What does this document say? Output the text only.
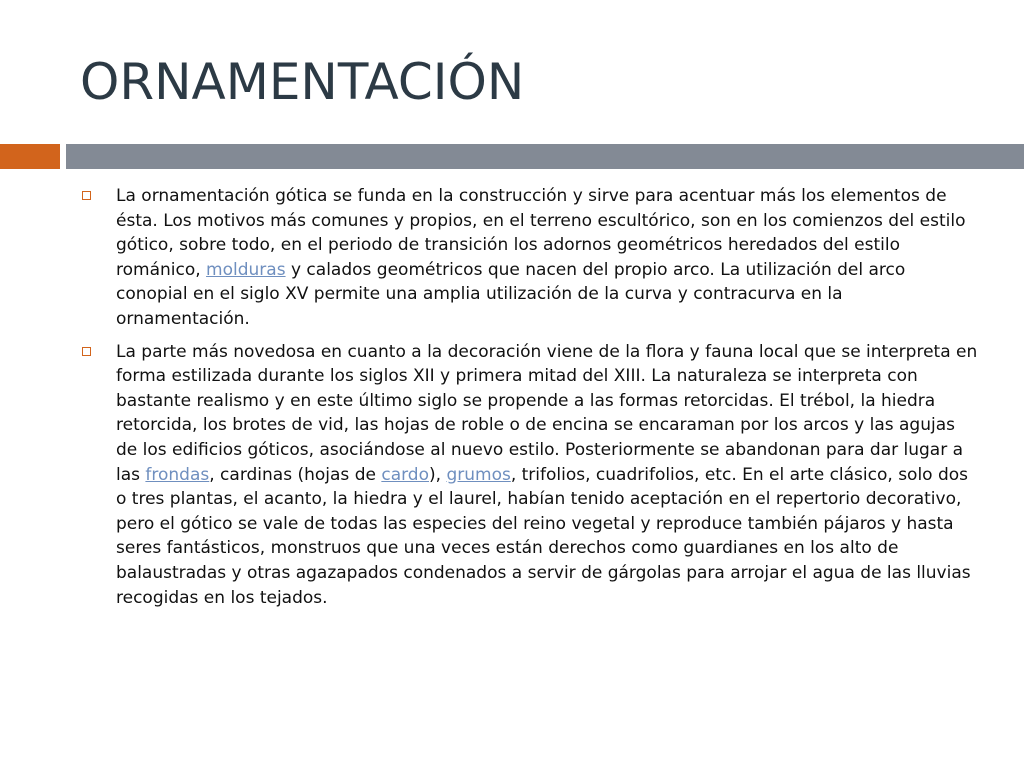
ORNAMENTACIÓN

La ornamentación gótica se funda en la construcción y sirve para acentuar más los elementos de ésta. Los motivos más comunes y propios, en el terreno escultórico, son en los comienzos del estilo gótico, sobre todo, en el periodo de transición los adornos geométricos heredados del estilo románico, molduras y calados geométricos que nacen del propio arco. La utilización del arco conopial en el siglo XV permite una amplia utilización de la curva y contracurva en la ornamentación.

La parte más novedosa en cuanto a la decoración viene de la flora y fauna local que se interpreta en forma estilizada durante los siglos XII y primera mitad del XIII. La naturaleza se interpreta con bastante realismo y en este último siglo se propende a las formas retorcidas. El trébol, la hiedra retorcida, los brotes de vid, las hojas de roble o de encina se encaraman por los arcos y las agujas de los edificios góticos, asociándose al nuevo estilo. Posteriormente se abandonan para dar lugar a las frondas, cardinas (hojas de cardo), grumos, trifolios, cuadrifolios, etc. En el arte clásico, solo dos o tres plantas, el acanto, la hiedra y el laurel, habían tenido aceptación en el repertorio decorativo, pero el gótico se vale de todas las especies del reino vegetal y reproduce también pájaros y hasta seres fantásticos, monstruos que una veces están derechos como guardianes en los alto de balaustradas y otras agazapados condenados a servir de gárgolas para arrojar el agua de las lluvias recogidas en los tejados.
